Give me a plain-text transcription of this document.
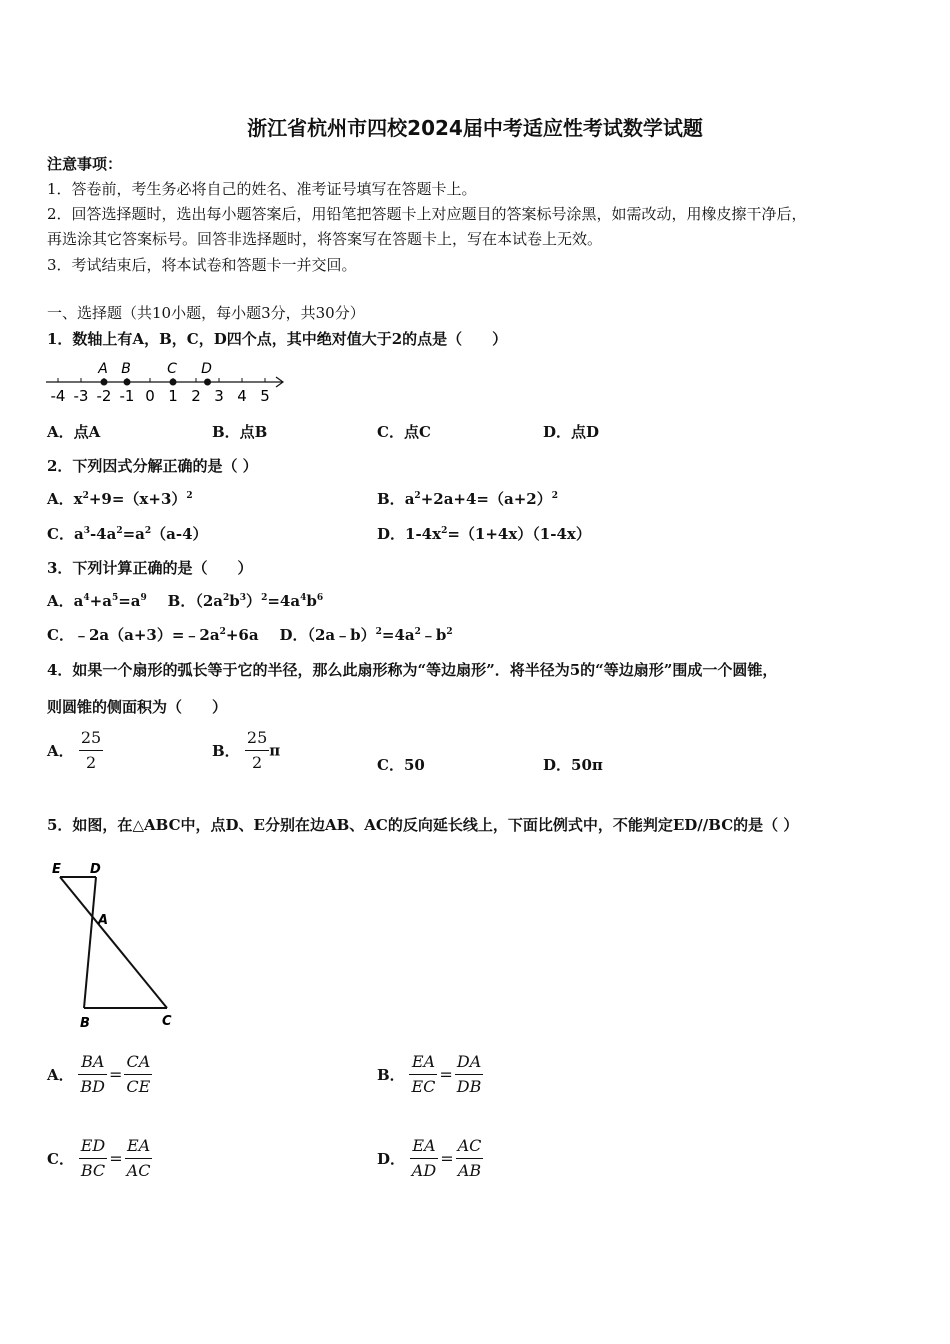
浙江省杭州市四校2024届中考适应性考试数学试题
注意事项：
1．答卷前，考生务必将自己的姓名、准考证号填写在答题卡上。
2．回答选择题时，选出每小题答案后，用铅笔把答题卡上对应题目的答案标号涂黑，如需改动，用橡皮擦干净后，
再选涂其它答案标号。回答非选择题时，将答案写在答题卡上，写在本试卷上无效。
3．考试结束后，将本试卷和答题卡一并交回。
一、选择题（共10小题，每小题3分，共30分）
1．数轴上有A，B，C，D四个点，其中绝对值大于2的点是（　　）
-4 -3 -2 -1 0 1 2 3 4 5
A B	C D
A．点A	B．点B	C．点C	D．点D
2．下列因式分解正确的是（ ）
A．$x^2+9=(x+3)^2$	B．$a^2+2a+4=(a+2)^2$
C．$a^3-4a^2=a^2(a-4)$	D．$1-4x^2=(1+4x)(1-4x)$
3．下列计算正确的是（　　）
A．$a^4+a^5=a^9$ B．$(2a^2b^3)^2=4a^4b^6$
C．$﹣2a(a+3)=﹣2a^2+6a$ D．$(2a﹣b)^2=4a^2﹣b^2$
4．如果一个扇形的弧长等于它的半径，那么此扇形称为“等边扇形”．将半径为5的“等边扇形”围成一个圆锥，
则圆锥的侧面积为（　　）
A． $\frac{25}{2}$	B． $\frac{25}{2}$ π
C．50	D．50π
5．如图，在△ABC中，点D、E分别在边AB、AC的反向延长线上，下面比例式中，不能判定ED//BC的是（ ）
E D
A
B	C
A． $\frac{BA}{BD} = \frac{CA}{CE}$	B． $\frac{EA}{EC} = \frac{DA}{DB}$
C． $\frac{ED}{BC} = \frac{EA}{AC}$	D． $\frac{EA}{AD} = \frac{AC}{AB}$
